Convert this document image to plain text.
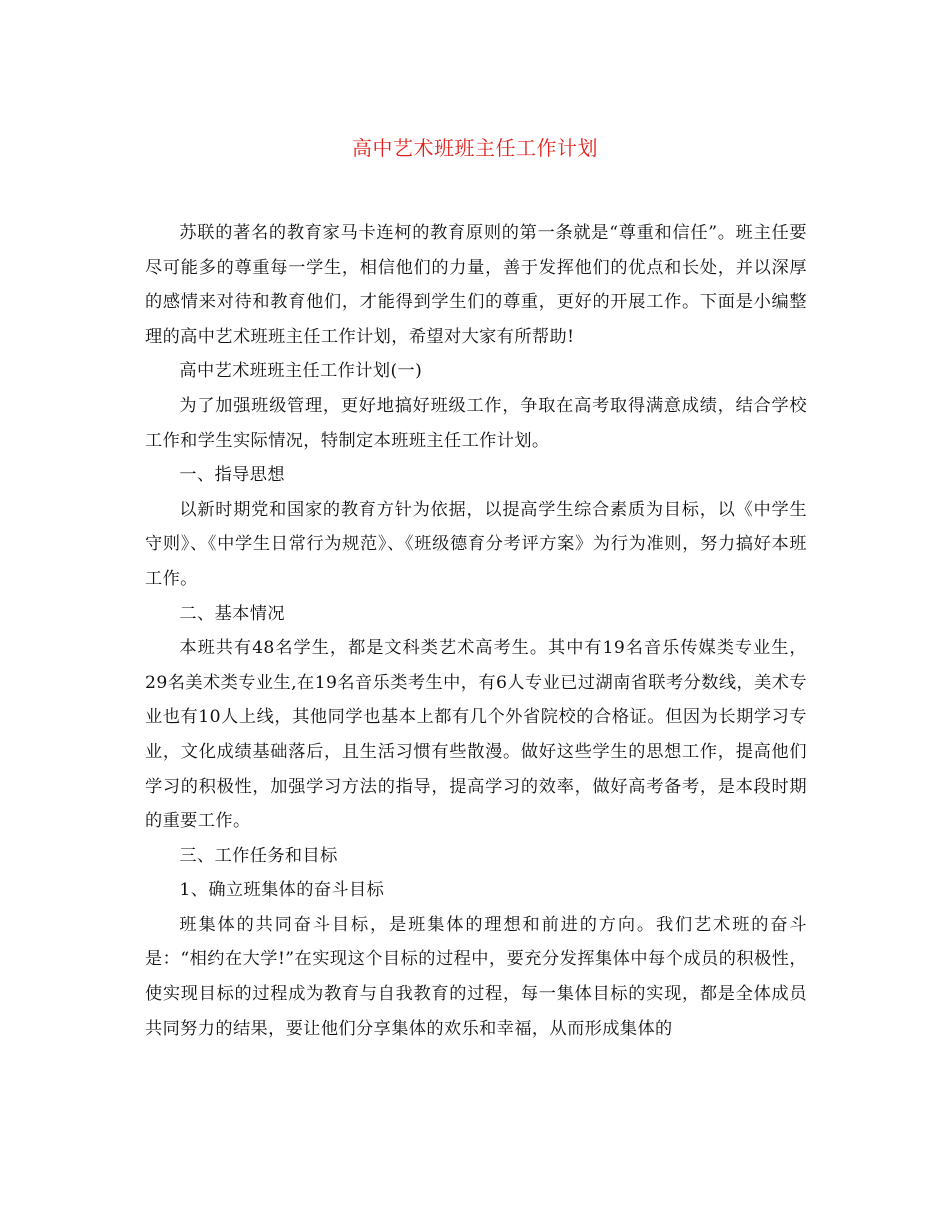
高中艺术班班主任工作计划

苏联的著名的教育家马卡连柯的教育原则的第一条就是“尊重和信任”。班主任要尽可能多的尊重每一学生，相信他们的力量，善于发挥他们的优点和长处，并以深厚的感情来对待和教育他们，才能得到学生们的尊重，更好的开展工作。下面是小编整理的高中艺术班班主任工作计划，希望对大家有所帮助!

高中艺术班班主任工作计划(一)

为了加强班级管理，更好地搞好班级工作，争取在高考取得满意成绩，结合学校工作和学生实际情况，特制定本班班主任工作计划。

一、指导思想

以新时期党和国家的教育方针为依据，以提高学生综合素质为目标，以《中学生守则》、《中学生日常行为规范》、《班级德育分考评方案》为行为准则，努力搞好本班工作。

二、基本情况

本班共有48名学生，都是文科类艺术高考生。其中有19名音乐传媒类专业生，29名美术类专业生,在19名音乐类考生中，有6人专业已过湖南省联考分数线，美术专业也有10人上线，其他同学也基本上都有几个外省院校的合格证。但因为长期学习专业，文化成绩基础落后，且生活习惯有些散漫。做好这些学生的思想工作，提高他们学习的积极性，加强学习方法的指导，提高学习的效率，做好高考备考，是本段时期的重要工作。

三、工作任务和目标

1、确立班集体的奋斗目标

班集体的共同奋斗目标，是班集体的理想和前进的方向。我们艺术班的奋斗是：“相约在大学!”在实现这个目标的过程中，要充分发挥集体中每个成员的积极性，使实现目标的过程成为教育与自我教育的过程，每一集体目标的实现，都是全体成员共同努力的结果，要让他们分享集体的欢乐和幸福，从而形成集体的
